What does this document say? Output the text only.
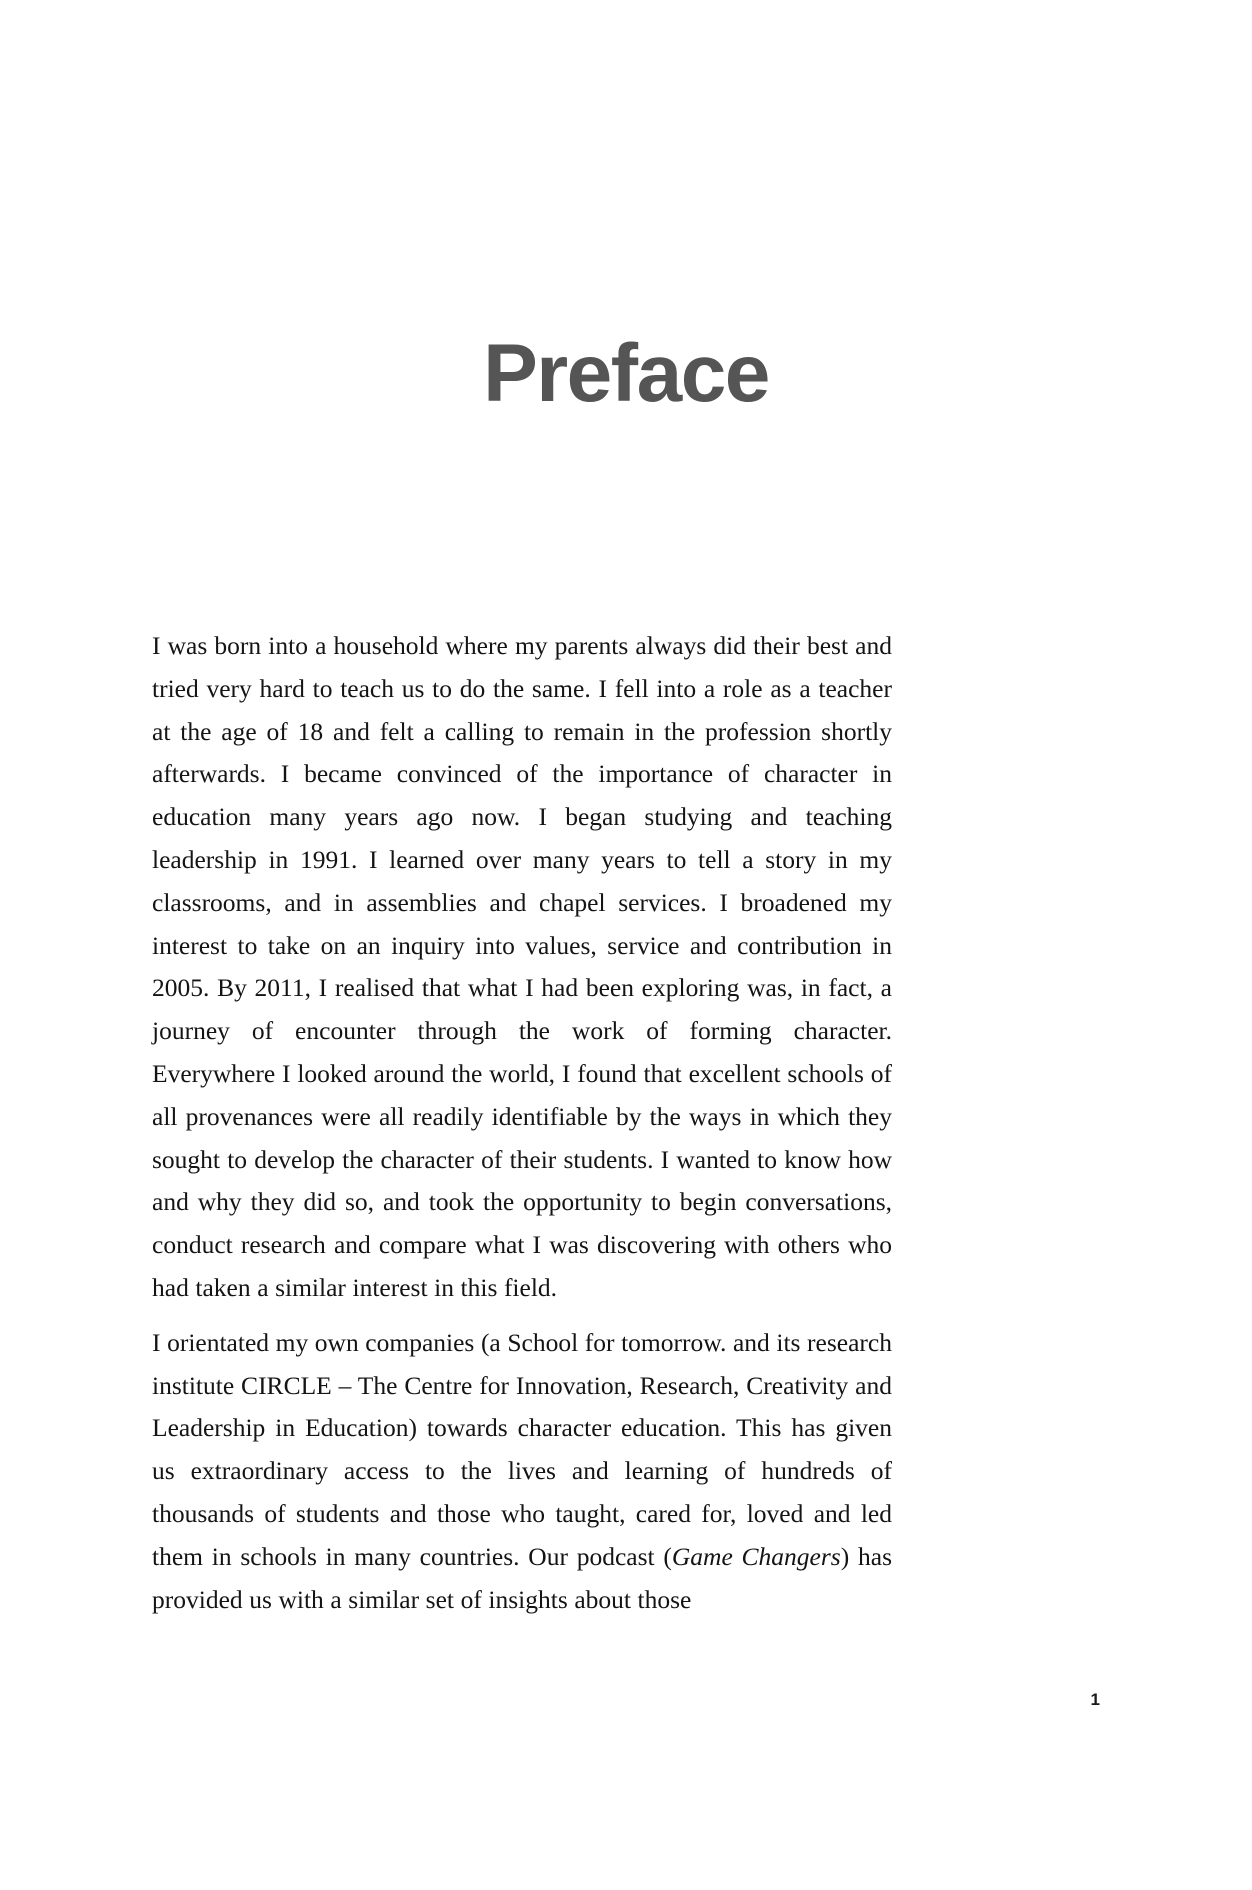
Preface

I was born into a household where my parents always did their best and tried very hard to teach us to do the same. I fell into a role as a teacher at the age of 18 and felt a calling to remain in the profession shortly afterwards. I became convinced of the importance of character in education many years ago now. I began studying and teaching leadership in 1991. I learned over many years to tell a story in my classrooms, and in assemblies and chapel services. I broadened my interest to take on an inquiry into values, service and contribution in 2005. By 2011, I realised that what I had been exploring was, in fact, a journey of encounter through the work of forming character. Everywhere I looked around the world, I found that excellent schools of all provenances were all readily identifiable by the ways in which they sought to develop the character of their students. I wanted to know how and why they did so, and took the opportunity to begin conversations, conduct research and compare what I was discovering with others who had taken a similar interest in this field.

I orientated my own companies (a School for tomorrow. and its research institute CIRCLE – The Centre for Innovation, Research, Creativity and Leadership in Education) towards character education. This has given us extraordinary access to the lives and learning of hundreds of thousands of students and those who taught, cared for, loved and led them in schools in many countries. Our podcast (Game Changers) has provided us with a similar set of insights about those

1
